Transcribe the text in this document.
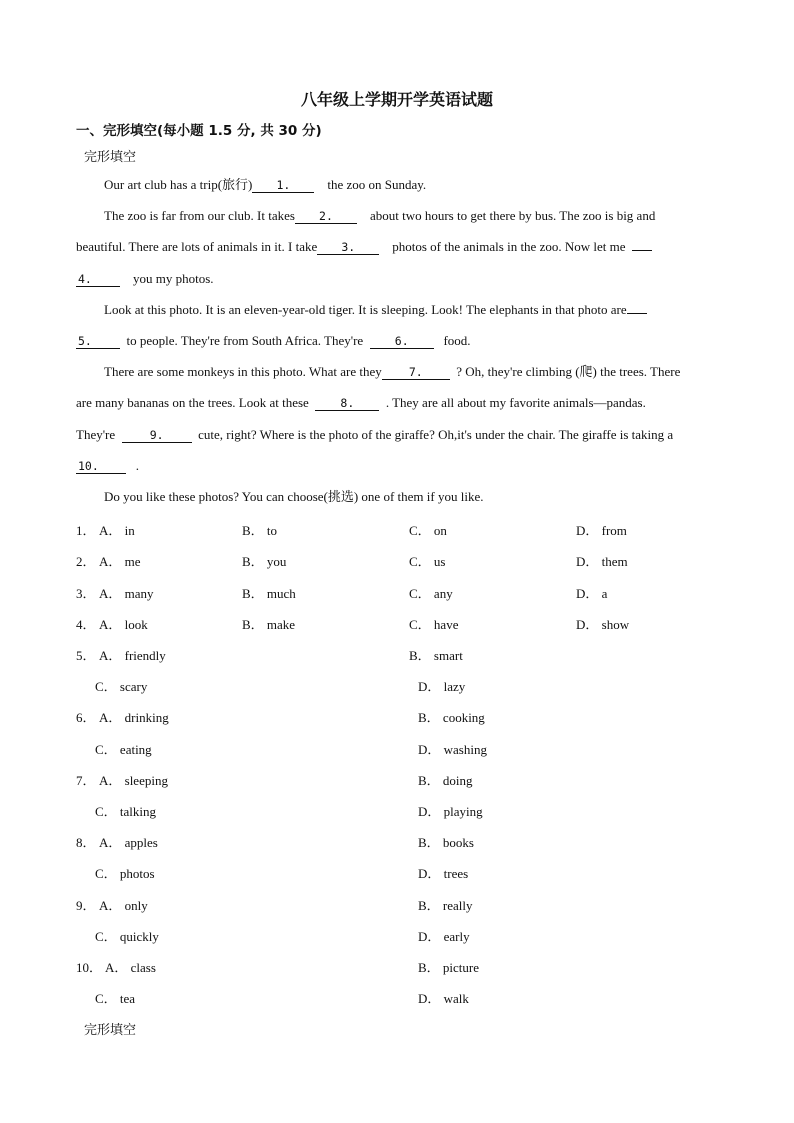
八年级上学期开学英语试题
一、完形填空(每小题 1.5 分, 共 30 分)
完形填空
Our art club has a trip(旅行) 1.	the zoo on Sunday.
The zoo is far from our club. It takes 2.	about two hours to get there by bus. The zoo is big and
beautiful. There are lots of animals in it. I take 3.	photos of the animals in the zoo. Now let me
4.	you my photos.
Look at this photo. It is an eleven-year-old tiger. It is sleeping. Look! The elephants in that photo are
5.	to people. They're from South Africa. They're	6.	food.
There are some monkeys in this photo. What are they 7.	? Oh, they're climbing (爬) the trees. There
are many bananas on the trees. Look at these	8. . They are all about my favorite animals—pandas.
They're	9.	cute, right? Where is the photo of the giraffe? Oh,it's under the chair. The giraffe is taking a
10.	.
Do you like these photos? You can choose(挑选) one of them if you like.
1． A． in	B． to	C． on	D． from
2． A． me	B． you	C． us	D． them
3． A． many	B． much	C． any	D． a
4． A． look	B． make	C． have	D． show
5． A． friendly	B． smart
C． scary	D． lazy
6． A． drinking	B． cooking
C． eating	D． washing
7． A． sleeping	B． doing
C． talking	D． playing
8． A． apples	B． books
C． photos	D． trees
9． A． only	B． really
C． quickly	D． early
10． A． class	B． picture
C． tea	D． walk
完形填空
